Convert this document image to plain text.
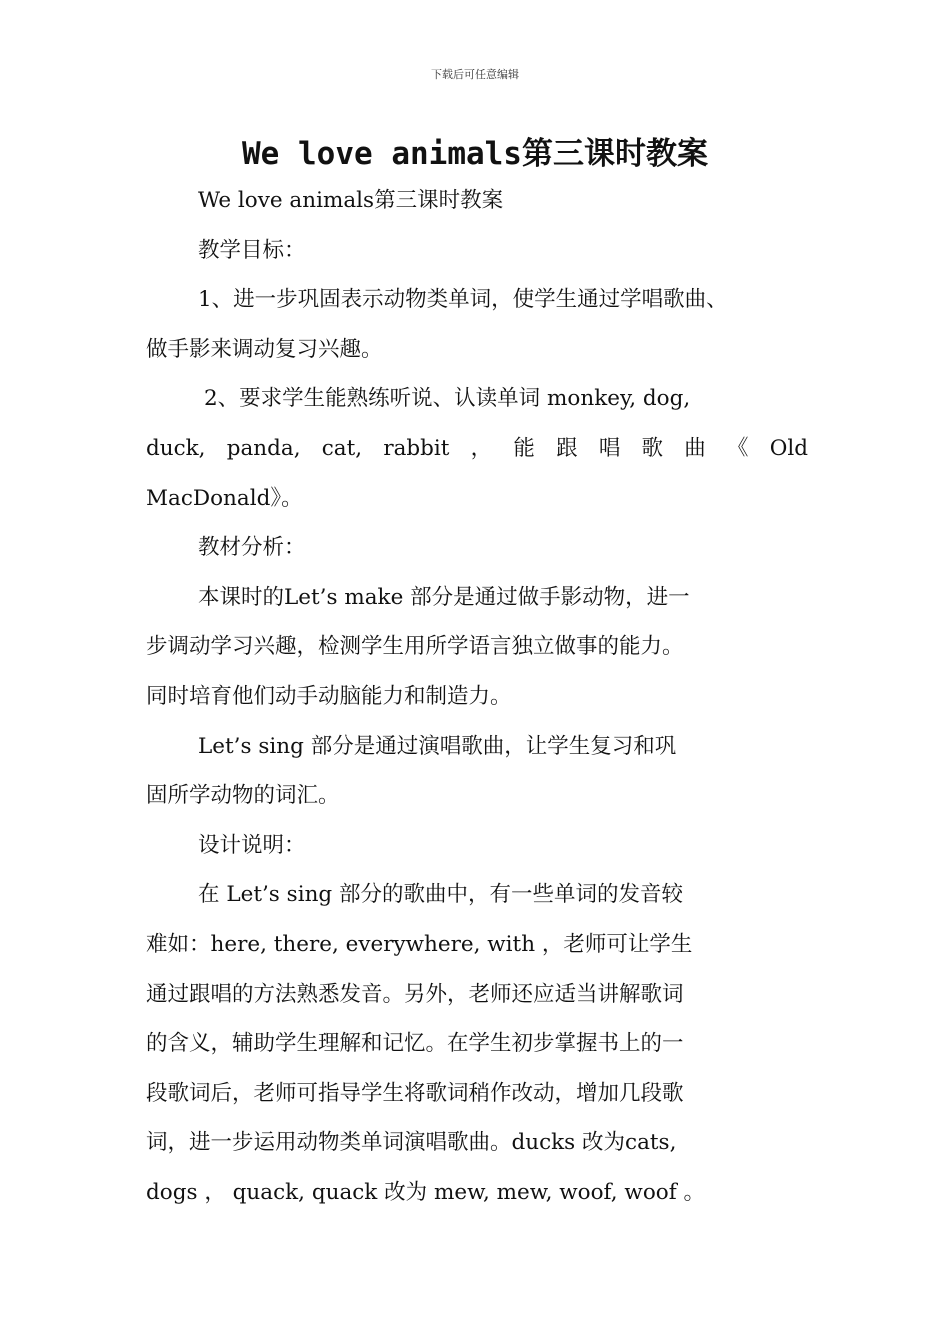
下载后可任意编辑
We love animals第三课时教案
We love animals第三课时教案
教学目标：
1、进一步巩固表示动物类单词，使学生通过学唱歌曲、
做手影来调动复习兴趣。
2、要求学生能熟练听说、认读单词 monkey, dog,
duck, panda, cat, rabbit ， 能 跟 唱 歌 曲 《 Old
MacDonald》。
教材分析：
本课时的Let’s make 部分是通过做手影动物，进一
步调动学习兴趣，检测学生用所学语言独立做事的能力。
同时培育他们动手动脑能力和制造力。
Let’s sing 部分是通过演唱歌曲，让学生复习和巩
固所学动物的词汇。
设计说明：
在 Let’s sing 部分的歌曲中，有一些单词的发音较
难如：here, there, everywhere, with ，老师可让学生
通过跟唱的方法熟悉发音。另外，老师还应适当讲解歌词
的含义，辅助学生理解和记忆。在学生初步掌握书上的一
段歌词后，老师可指导学生将歌词稍作改动，增加几段歌
词，进一步运用动物类单词演唱歌曲。ducks 改为cats,
dogs ， quack, quack 改为 mew, mew, woof, woof 。
